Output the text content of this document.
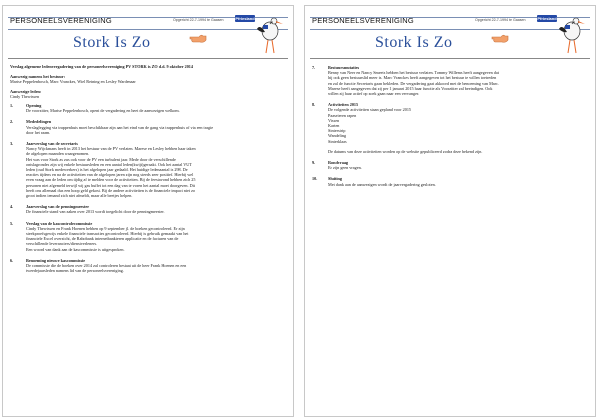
PERSONEELSVERENIGING	Opgericht 22-7-1994 te Gaasen	Pfriesland
Stork Is Zo
Verslag algemene ledenvergadering van de personeelsvereniging PV STORK is ZO d.d. 9 oktober 2014
Aanwezig namens het bestuur:
Marise Peppelenbosch, Marc Vranckes, Wiel Reining en Lesley Wardenaar
Aanwezige leden:
Cindy Thewissen
1.	Opening
De voorzitter, Marise Peppelenbosch, opent de vergadering en heet de aanwezigen welkom.
2.	Mededelingen
Verslaglegging via trappenhuis moet beschikbaar zijn aan het eind van de gang via trappenhuis of via een tragie
door het raam.
3.	Jaarverslag van de secretaris
Nancy Wijckmans heeft in 2013 het bestuur van de PV verlaten. Marese en Lesley hebben haar taken
de afgelopen maanden waargenomen.
Het was voor Stork as zus ook voor de PV een turbulent jaar. Mede door de verschillende
ontslagrondes zijn wij enkele bestuursleden en een aantal leden(kwijt)geraakt. Ook het aantal VUT
leden (oud Stork medewerkers) is het afgelopen jaar gedaald. Het huidige ledenaantal is 298. De
reacties tijdens en na de activiteiten van de afgelopen jaren zijn nog steeds zeer positief. Hierbij wel
even vraag aan de leden om tijdig af te melden voor de activiteiten. Bij de feestavond hebben zich 25
personen niet afgemeld terwijl wij gas buffet tot een dag van te voren het aantal moet doorgeven. Dit
heeft ons allemaal dus een hoop geld gekost. Bij de andere activiteiten is de financiele impact niet zo
groot indien iemand zich niet afmeldt, maar alle beetjes helpen.
4.	Jaarverslag van de penningmeester
De financiele stand van zaken over 2013 wordt toegelicht door de penningmeester.
5.	Verslag van de kascontrolecommissie
Cindy Thewissen en Frank Hoenen hebben op 9 september jl. de boeken gecontroleerd. Er zijn
steekproefsgewijs enkele financiele transacties gecontroleerd. Hierbij is gebruik gemaakt van het
financiele Excel overzicht, de Rabobank internetbankieren applicatie en de facturen van de
verschillende leveranciers/dienstverleners.
Een woord van dank aan de kascommissie is uitgesproken.
6.	Benoeming nieuwe kascommissie
De commissie die de boeken over 2014 zal controleren bestaat uit de heer Frank Hoenen en een
tweedejaarsleden namens lid van de personeelsvereniging.
PERSONEELSVERENIGING	Opgericht 22-7-1994 te Gaasen	Pfriesland
Stork Is Zo
7.	Bestuursmutaties
Benny van Neer en Nancy Smeets hebben het bestuur verlaten. Tommy Willems heeft aangegeven dat
hij ook geen bestuurslid meer is. Marc Vranckes heeft aangegeven tot het bestuur te willen toetreden
en zal de functie Secretaris gaan bekleden. De vergadering gaat akkoord met de benoeming van Marc.
Marese heeft aangegeven dat zij per 1 januari 2015 haar functie als Voorzitter zal beeindigen. Ook
willen zij haar actief op zoek gaan naar een vervanger.
8.	Activiteiten 2015
De volgende activiteiten staan gepland voor 2015
Paaseieren rapen
Vissen
Karten
Sinterstrip
Wandeling
Sinterklaas
De datums van deze activiteiten worden op de website gepubliceerd zodra deze bekend zijn.
9.	Rondvraag
Er zijn geen vragen.
10.	Sluiting
Met dank aan de aanwezigen wordt de jaarvergadering gesloten.
